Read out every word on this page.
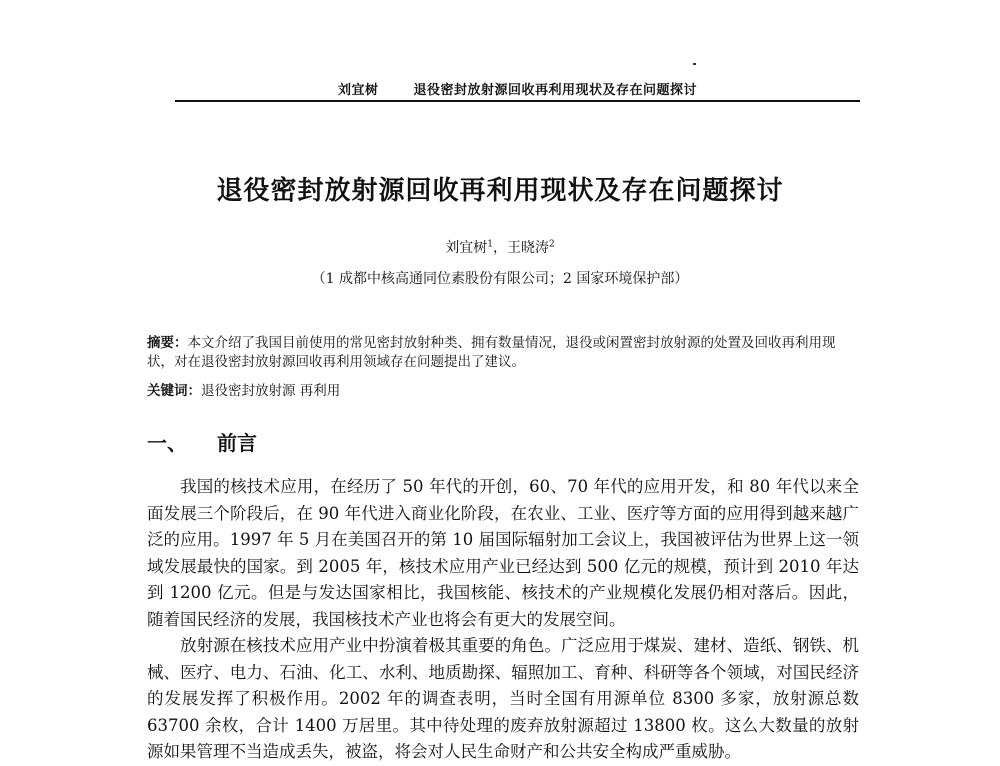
刘宜树	退役密封放射源回收再利用现状及存在问题探讨
退役密封放射源回收再利用现状及存在问题探讨
刘宜树$^1$，王晓涛$^2$
（1 成都中核高通同位素股份有限公司；2 国家环境保护部）
摘要：本文介绍了我国目前使用的常见密封放射种类、拥有数量情况，退役或闲置密封放射源的处置及回收再利用现状，对在退役密封放射源回收再利用领域存在问题提出了建议。
关键词：退役密封放射源 再利用
一、 前言

我国的核技术应用，在经历了 50 年代的开创，60、70 年代的应用开发，和 80 年代以来全面发展三个阶段后，在 90 年代进入商业化阶段，在农业、工业、医疗等方面的应用得到越来越广泛的应用。1997 年 5 月在美国召开的第 10 届国际辐射加工会议上，我国被评估为世界上这一领域发展最快的国家。到 2005 年，核技术应用产业已经达到 500 亿元的规模，预计到 2010 年达到 1200 亿元。但是与发达国家相比，我国核能、核技术的产业规模化发展仍相对落后。因此，随着国民经济的发展，我国核技术产业也将会有更大的发展空间。

放射源在核技术应用产业中扮演着极其重要的角色。广泛应用于煤炭、建材、造纸、钢铁、机械、医疗、电力、石油、化工、水利、地质勘探、辐照加工、育种、科研等各个领域，对国民经济的发展发挥了积极作用。2002 年的调查表明，当时全国有用源单位 8300 多家，放射源总数 63700 余枚，合计 1400 万居里。其中待处理的废弃放射源超过 13800 枚。这么大数量的放射源如果管理不当造成丢失，被盗，将会对人民生命财产和公共安全构成严重威胁。
